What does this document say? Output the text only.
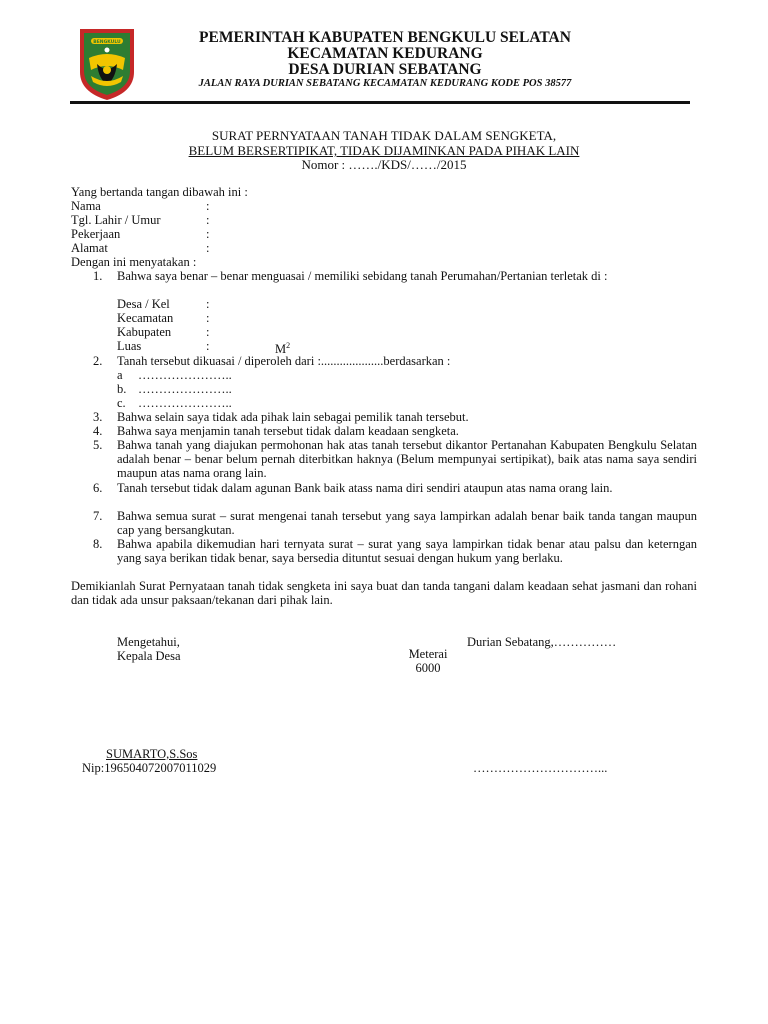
BENGKULU	PEMERINTAH KABUPATEN BENGKULU SELATAN
KECAMATAN KEDURANG
DESA DURIAN SEBATANG
JALAN RAYA DURIAN SEBATANG KECAMATAN KEDURANG KODE POS 38577
SURAT PERNYATAAN TANAH TIDAK DALAM SENGKETA,
BELUM BERSERTIPIKAT, TIDAK DIJAMINKAN PADA PIHAK LAIN
Nomor : ……./KDS/……/2015
Yang bertanda tangan dibawah ini :
Nama	:
Tgl. Lahir / Umur	:
Pekerjaan	:
Alamat	:
Dengan ini menyatakan :
1. Bahwa saya benar – benar menguasai / memiliki sebidang tanah Perumahan/Pertanian terletak di :
Desa / Kel	:
Kecamatan	:
Kabupaten	:
Luas	:	$M^2$
2. Tanah tersebut dikuasai / diperoleh dari :....................berdasarkan :
a …………………..
b. …………………..
c. …………………..
3. Bahwa selain saya tidak ada pihak lain sebagai pemilik tanah tersebut.
4. Bahwa saya menjamin tanah tersebut tidak dalam keadaan sengketa.
5. Bahwa tanah yang diajukan permohonan hak atas tanah tersebut dikantor Pertanahan Kabupaten Bengkulu Selatan adalah benar – benar belum pernah diterbitkan haknya (Belum mempunyai sertipikat), baik atas nama saya sendiri maupun atas nama orang lain.
6. Tanah tersebut tidak dalam agunan Bank baik atass nama diri sendiri ataupun atas nama orang lain.
7. Bahwa semua surat – surat mengenai tanah tersebut yang saya lampirkan adalah benar baik tanda tangan maupun cap yang bersangkutan.
8. Bahwa apabila dikemudian hari ternyata surat – surat yang saya lampirkan tidak benar atau palsu dan keterngan yang saya berikan tidak benar, saya bersedia dituntut sesuai dengan hukum yang berlaku.
Demikianlah Surat Pernyataan tanah tidak sengketa ini saya buat dan tanda tangani dalam keadaan sehat jasmani dan rohani dan tidak ada unsur paksaan/tekanan dari pihak lain.
Mengetahui,
Kepala Desa	Meterai
6000
Durian Sebatang,……………
SUMARTO,S.Sos
Nip:196504072007011029	…………………………...
